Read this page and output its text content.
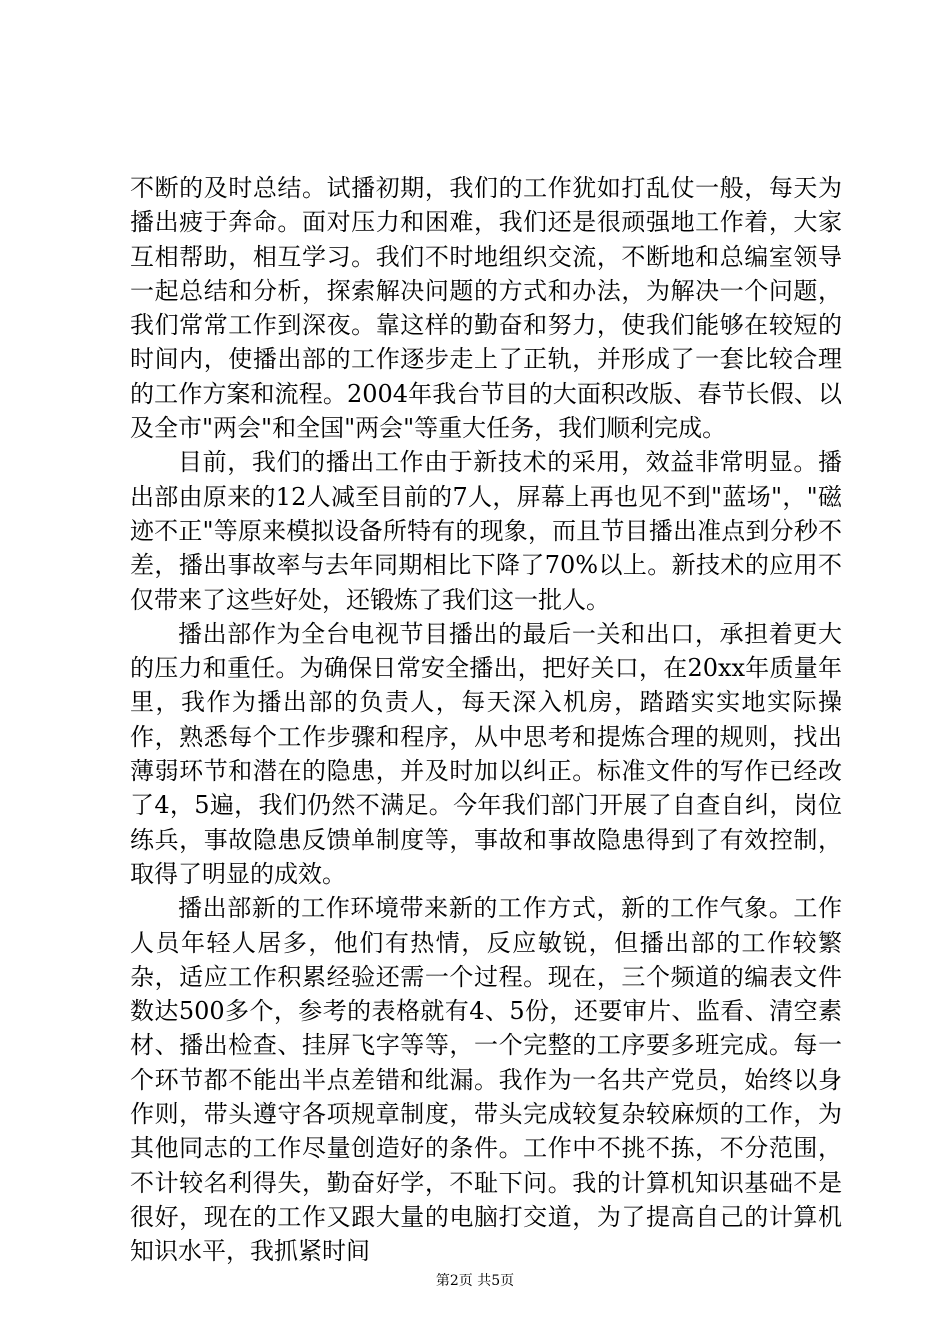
不断的及时总结。试播初期，我们的工作犹如打乱仗一般，每天为播出疲于奔命。面对压力和困难，我们还是很顽强地工作着，大家互相帮助，相互学习。我们不时地组织交流，不断地和总编室领导一起总结和分析，探索解决问题的方式和办法，为解决一个问题，我们常常工作到深夜。靠这样的勤奋和努力，使我们能够在较短的时间内，使播出部的工作逐步走上了正轨，并形成了一套比较合理的工作方案和流程。2004年我台节目的大面积改版、春节长假、以及全市"两会"和全国"两会"等重大任务，我们顺利完成。

目前，我们的播出工作由于新技术的采用，效益非常明显。播出部由原来的12人减至目前的7人，屏幕上再也见不到"蓝场"，"磁迹不正"等原来模拟设备所特有的现象，而且节目播出准点到分秒不差，播出事故率与去年同期相比下降了70%以上。新技术的应用不仅带来了这些好处，还锻炼了我们这一批人。

播出部作为全台电视节目播出的最后一关和出口，承担着更大的压力和重任。为确保日常安全播出，把好关口，在20xx年质量年里，我作为播出部的负责人，每天深入机房，踏踏实实地实际操作，熟悉每个工作步骤和程序，从中思考和提炼合理的规则，找出薄弱环节和潜在的隐患，并及时加以纠正。标准文件的写作已经改了4，5遍，我们仍然不满足。今年我们部门开展了自查自纠，岗位练兵，事故隐患反馈单制度等，事故和事故隐患得到了有效控制，取得了明显的成效。

播出部新的工作环境带来新的工作方式，新的工作气象。工作人员年轻人居多，他们有热情，反应敏锐，但播出部的工作较繁杂，适应工作积累经验还需一个过程。现在，三个频道的编表文件数达500多个，参考的表格就有4、5份，还要审片、监看、清空素材、播出检查、挂屏飞字等等，一个完整的工序要多班完成。每一个环节都不能出半点差错和纰漏。我作为一名共产党员，始终以身作则，带头遵守各项规章制度，带头完成较复杂较麻烦的工作，为其他同志的工作尽量创造好的条件。工作中不挑不拣，不分范围，不计较名利得失，勤奋好学，不耻下问。我的计算机知识基础不是很好，现在的工作又跟大量的电脑打交道，为了提高自己的计算机知识水平，我抓紧时间

第2页 共5页
